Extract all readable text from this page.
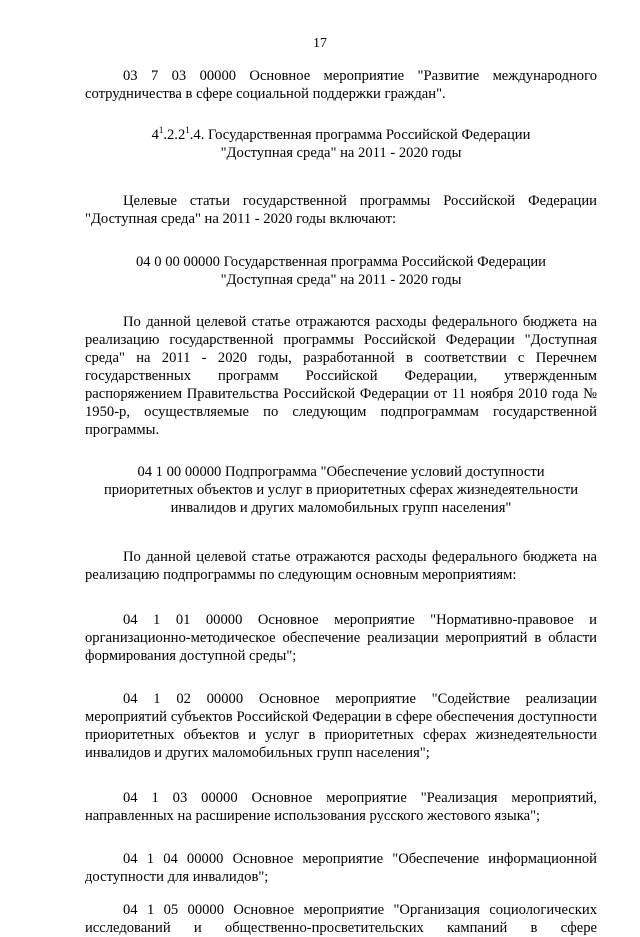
17

03 7 03 00000 Основное мероприятие "Развитие международного сотрудничества в сфере социальной поддержки граждан".

$4^1.2.2^1.4$. Государственная программа Российской Федерации
"Доступная среда" на 2011 - 2020 годы

Целевые статьи государственной программы Российской Федерации "Доступная среда" на 2011 - 2020 годы включают:

04 0 00 00000 Государственная программа Российской Федерации
"Доступная среда" на 2011 - 2020 годы

По данной целевой статье отражаются расходы федерального бюджета на реализацию государственной программы Российской Федерации "Доступная среда" на 2011 - 2020 годы, разработанной в соответствии с Перечнем государственных программ Российской Федерации, утвержденным распоряжением Правительства Российской Федерации от 11 ноября 2010 года № 1950-р, осуществляемые по следующим подпрограммам государственной программы.

04 1 00 00000 Подпрограмма "Обеспечение условий доступности
приоритетных объектов и услуг в приоритетных сферах жизнедеятельности
инвалидов и других маломобильных групп населения"

По данной целевой статье отражаются расходы федерального бюджета на реализацию подпрограммы по следующим основным мероприятиям:

04 1 01 00000 Основное мероприятие "Нормативно-правовое и организационно-методическое обеспечение реализации мероприятий в области формирования доступной среды";

04 1 02 00000 Основное мероприятие "Содействие реализации мероприятий субъектов Российской Федерации в сфере обеспечения доступности приоритетных объектов и услуг в приоритетных сферах жизнедеятельности инвалидов и других маломобильных групп населения";

04 1 03 00000 Основное мероприятие "Реализация мероприятий, направленных на расширение использования русского жестового языка";

04 1 04 00000 Основное мероприятие "Обеспечение информационной доступности для инвалидов";

04 1 05 00000 Основное мероприятие "Организация социологических исследований и общественно-просветительских кампаний в сфере
